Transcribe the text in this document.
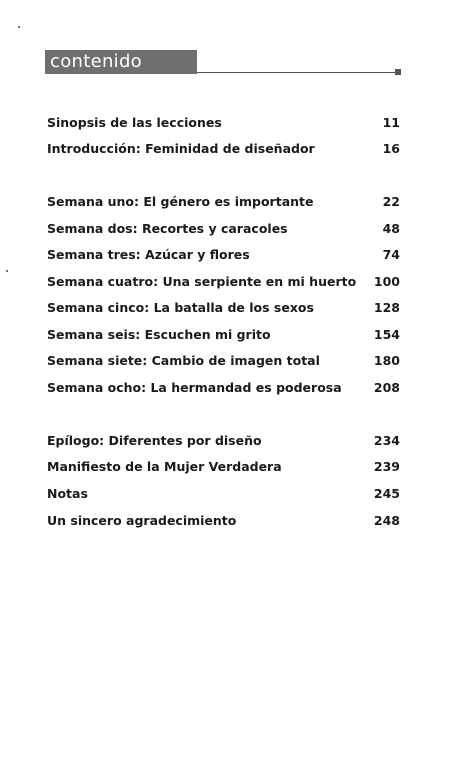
contenido
Sinopsis de las lecciones	11
Introducción: Feminidad de diseñador	16
Semana uno: El género es importante	22
Semana dos: Recortes y caracoles	48
Semana tres: Azúcar y flores	74
Semana cuatro: Una serpiente en mi huerto 100
Semana cinco: La batalla de los sexos	128
Semana seis: Escuchen mi grito	154
Semana siete: Cambio de imagen total	180
Semana ocho: La hermandad es poderosa	208
Epílogo: Diferentes por diseño	234
Manifiesto de la Mujer Verdadera	239
Notas	245
Un sincero agradecimiento	248
